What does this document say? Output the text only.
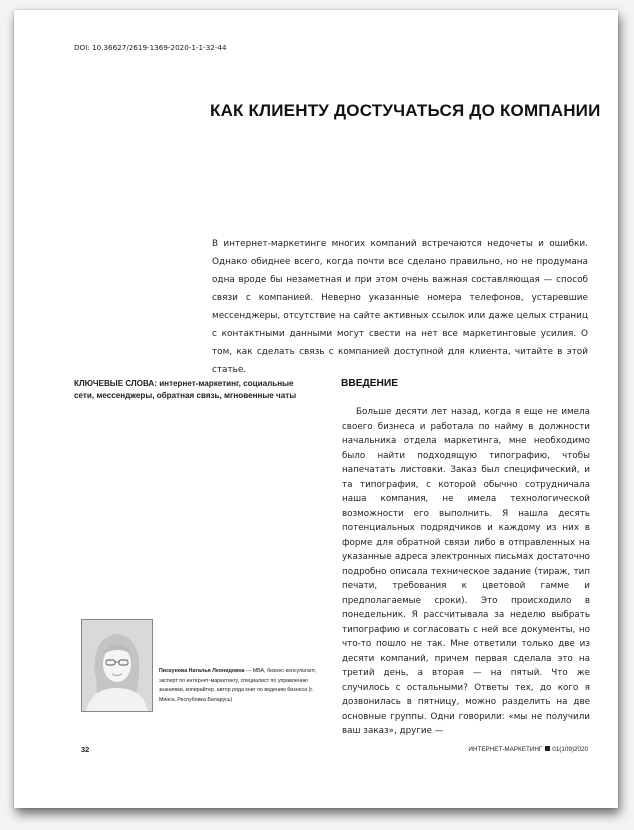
DOI: 10.36627/2619-1369-2020-1-1-32-44
КАК КЛИЕНТУ ДОСТУЧАТЬСЯ ДО КОМПАНИИ

В интернет-маркетинге многих компаний встречаются недочеты и ошибки. Однако обиднее всего, когда почти все сделано правильно, но не продумана одна вроде бы незаметная и при этом очень важная составляющая — способ связи с компанией. Неверно указанные номера телефонов, устаревшие мессенджеры, отсутствие на сайте активных ссылок или даже целых страниц с контактными данными могут свести на нет все маркетинговые усилия. О том, как сделать связь с компанией доступной для клиента, читайте в этой статье.

КЛЮЧЕВЫЕ СЛОВА: интернет-маркетинг, социальные сети, мессенджеры, обратная связь, мгновенные чаты

ВВЕДЕНИЕ

Больше десяти лет назад, когда я еще не имела своего бизнеса и работала по найму в должности начальника отдела маркетинга, мне необходимо было найти подходящую типографию, чтобы напечатать листовки. Заказ был специфический, и та типография, с которой обычно сотрудничала наша компания, не имела технологической возможности его выполнить. Я нашла десять потенциальных подрядчиков и каждому из них в форме для обратной связи либо в отправленных на указанные адреса электронных письмах достаточно подробно описала техническое задание (тираж, тип печати, требования к цветовой гамме и предполагаемые сроки). Это происходило в понедельник. Я рассчитывала за неделю выбрать типографию и согласовать с ней все документы, но что-то пошло не так. Мне ответили только две из десяти компаний, причем первая сделала это на третий день, а вторая — на пятый. Что же случилось с остальными? Ответы тех, до кого я дозвонилась в пятницу, можно разделить на две основные группы. Одни говорили: «мы не получили ваш заказ», другие —

Пискунова Наталья Леонидовна — МВА, бизнес-консультант, эксперт по интернет-маркетингу, специалист по управлению знаниями, копирайтер, автор ряда книг по ведению бизнеса (г. Минск, Республика Беларусь)

32	ИНТЕРНЕТ-МАРКЕТИНГ 01(109)2020
